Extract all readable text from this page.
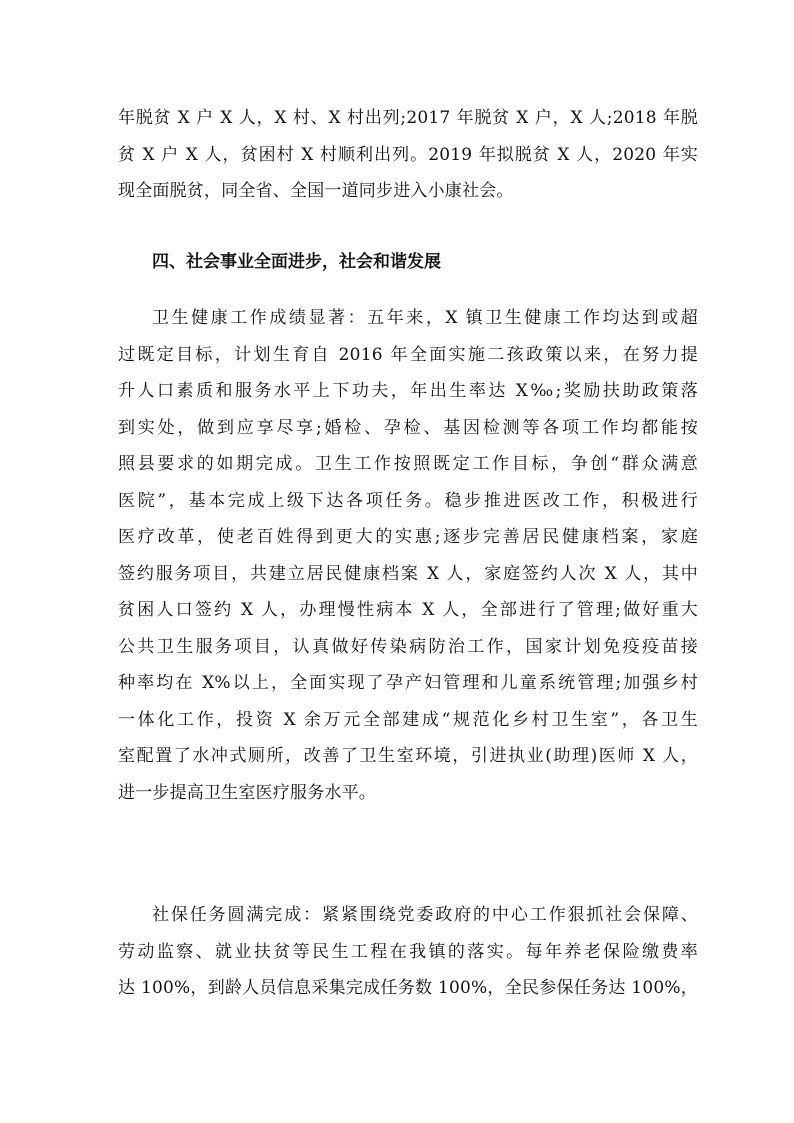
年脱贫 X 户 X 人，X 村、X 村出列;2017 年脱贫 X 户，X 人;2018 年脱
贫 X 户 X 人，贫困村 X 村顺利出列。2019 年拟脱贫 X 人，2020 年实
现全面脱贫，同全省、全国一道同步进入小康社会。
四、社会事业全面进步，社会和谐发展
卫生健康工作成绩显著：五年来，X 镇卫生健康工作均达到或超
过既定目标，计划生育自 2016 年全面实施二孩政策以来，在努力提
升人口素质和服务水平上下功夫，年出生率达 X‰;奖励扶助政策落
到实处，做到应享尽享;婚检、孕检、基因检测等各项工作均都能按
照县要求的如期完成。卫生工作按照既定工作目标，争创“群众满意
医院”，基本完成上级下达各项任务。稳步推进医改工作，积极进行
医疗改革，使老百姓得到更大的实惠;逐步完善居民健康档案，家庭
签约服务项目，共建立居民健康档案 X 人，家庭签约人次 X 人，其中
贫困人口签约 X 人，办理慢性病本 X 人，全部进行了管理;做好重大
公共卫生服务项目，认真做好传染病防治工作，国家计划免疫疫苗接
种率均在 X%以上，全面实现了孕产妇管理和儿童系统管理;加强乡村
一体化工作，投资 X 余万元全部建成“规范化乡村卫生室”，各卫生
室配置了水冲式厕所，改善了卫生室环境，引进执业(助理)医师 X 人，
进一步提高卫生室医疗服务水平。
社保任务圆满完成：紧紧围绕党委政府的中心工作狠抓社会保障、
劳动监察、就业扶贫等民生工程在我镇的落实。每年养老保险缴费率
达 100%，到龄人员信息采集完成任务数 100%，全民参保任务达 100%，
